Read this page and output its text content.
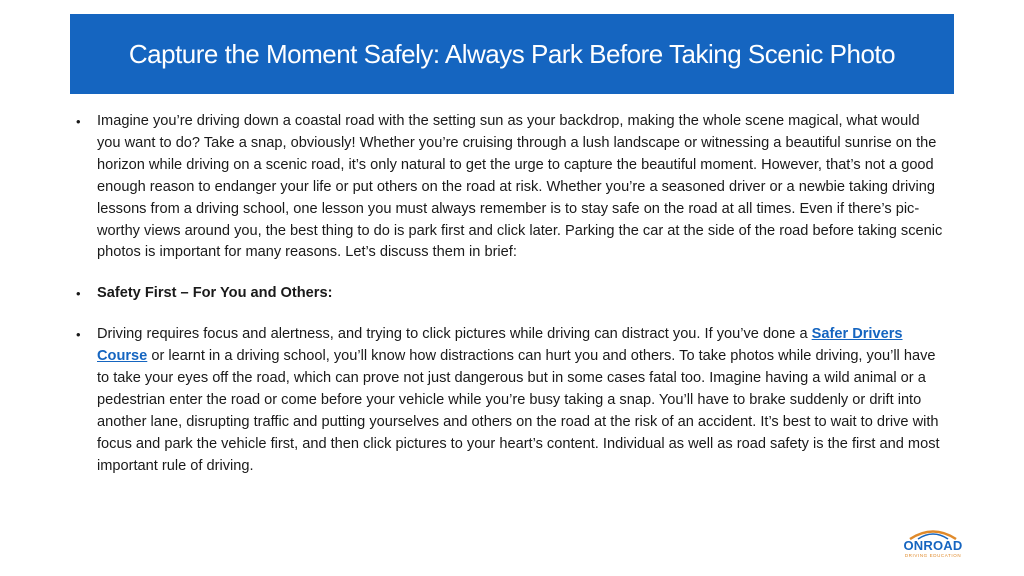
Capture the Moment Safely: Always Park Before Taking Scenic Photo
• Imagine you’re driving down a coastal road with the setting sun as your backdrop, making the whole scene magical, what would you want to do? Take a snap, obviously! Whether you’re cruising through a lush landscape or witnessing a beautiful sunrise on the horizon while driving on a scenic road, it’s only natural to get the urge to capture the beautiful moment. However, that’s not a good enough reason to endanger your life or put others on the road at risk. Whether you’re a seasoned driver or a newbie taking driving lessons from a driving school, one lesson you must always remember is to stay safe on the road at all times. Even if there’s pic-worthy views around you, the best thing to do is park first and click later. Parking the car at the side of the road before taking scenic photos is important for many reasons. Let’s discuss them in brief:

• Safety First – For You and Others:

• Driving requires focus and alertness, and trying to click pictures while driving can distract you. If you’ve done a Safer Drivers Course or learnt in a driving school, you’ll know how distractions can hurt you and others. To take photos while driving, you’ll have to take your eyes off the road, which can prove not just dangerous but in some cases fatal too. Imagine having a wild animal or a pedestrian enter the road or come before your vehicle while you’re busy taking a snap. You’ll have to brake suddenly or drift into another lane, disrupting traffic and putting yourselves and others on the road at the risk of an accident. It’s best to wait to drive with focus and park the vehicle first, and then click pictures to your heart’s content. Individual as well as road safety is the first and most important rule of driving.

ONROAD
DRIVING EDUCATION
